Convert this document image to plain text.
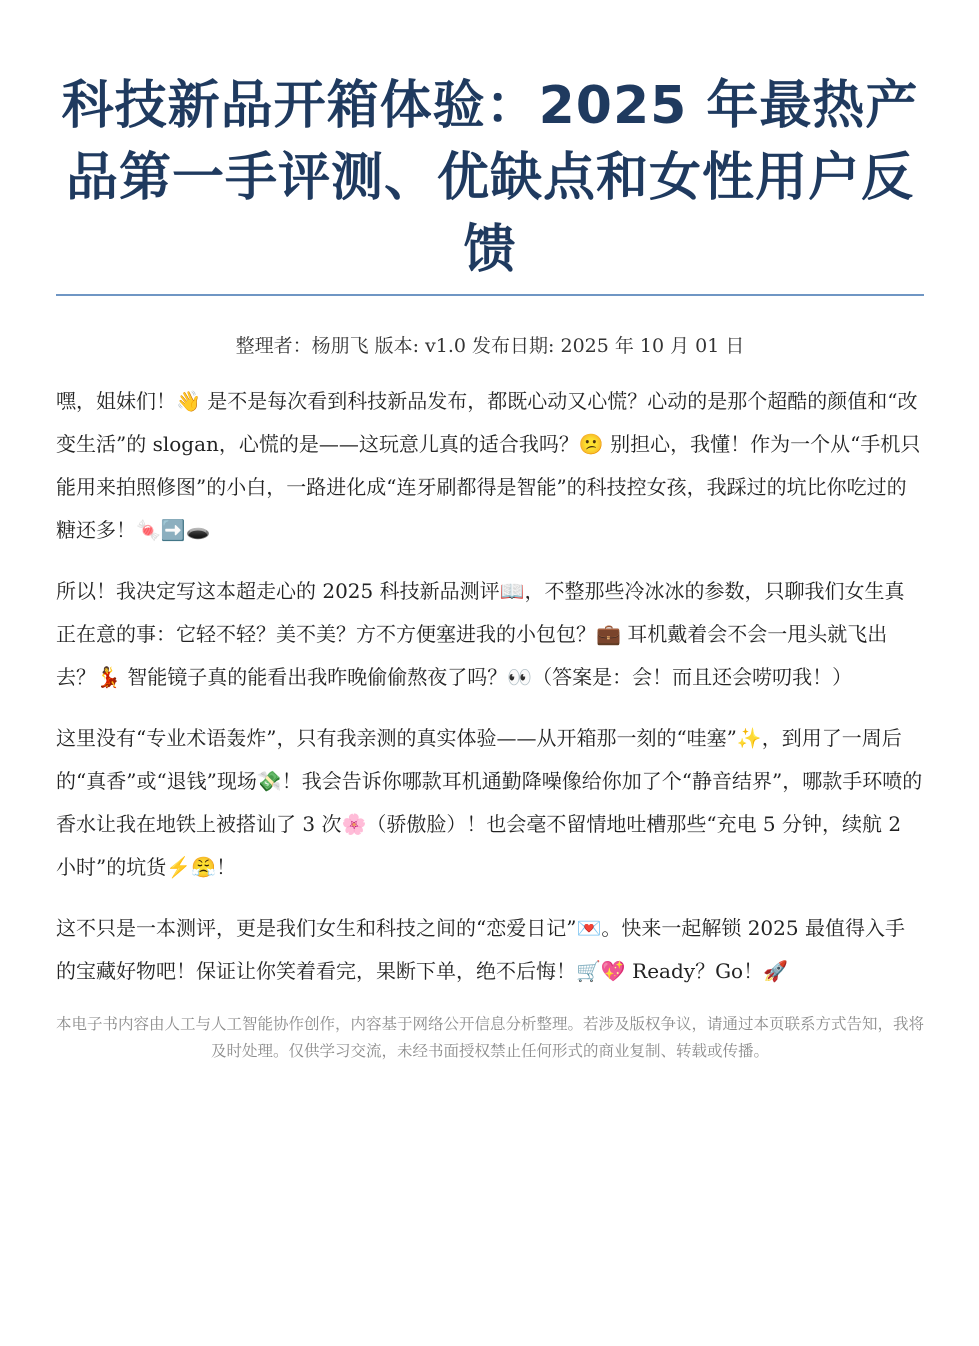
科技新品开箱体验：2025 年最热产品第一手评测、优缺点和女性用户反馈
整理者：杨朋飞 版本: v1.0 发布日期: 2025 年 10 月 01 日

嘿，姐妹们！👋 是不是每次看到科技新品发布，都既心动又心慌？心动的是那个超酷的颜值和“改变生活”的 slogan，心慌的是——这玩意儿真的适合我吗？😕 别担心，我懂！作为一个从“手机只能用来拍照修图”的小白，一路进化成“连牙刷都得是智能”的科技控女孩，我踩过的坑比你吃过的糖还多！🍬➡️🕳️

所以！我决定写这本超走心的 2025 科技新品测评📖，不整那些冷冰冰的参数，只聊我们女生真正在意的事：它轻不轻？美不美？方不方便塞进我的小包包？💼 耳机戴着会不会一甩头就飞出去？💃 智能镜子真的能看出我昨晚偷偷熬夜了吗？👀（答案是：会！而且还会唠叨我！）

这里没有“专业术语轰炸”，只有我亲测的真实体验——从开箱那一刻的“哇塞”✨，到用了一周后的“真香”或“退钱”现场💸！我会告诉你哪款耳机通勤降噪像给你加了个“静音结界”，哪款手环喷的香水让我在地铁上被搭讪了 3 次🌸（骄傲脸）！也会毫不留情地吐槽那些“充电 5 分钟，续航 2 小时”的坑货⚡😤！

这不只是一本测评，更是我们女生和科技之间的“恋爱日记”💌。快来一起解锁 2025 最值得入手的宝藏好物吧！保证让你笑着看完，果断下单，绝不后悔！🛒💖 Ready？Go！🚀

本电子书内容由人工与人工智能协作创作，内容基于网络公开信息分析整理。若涉及版权争议，请通过本页联系方式告知，我将及时处理。仅供学习交流，未经书面授权禁止任何形式的商业复制、转载或传播。
